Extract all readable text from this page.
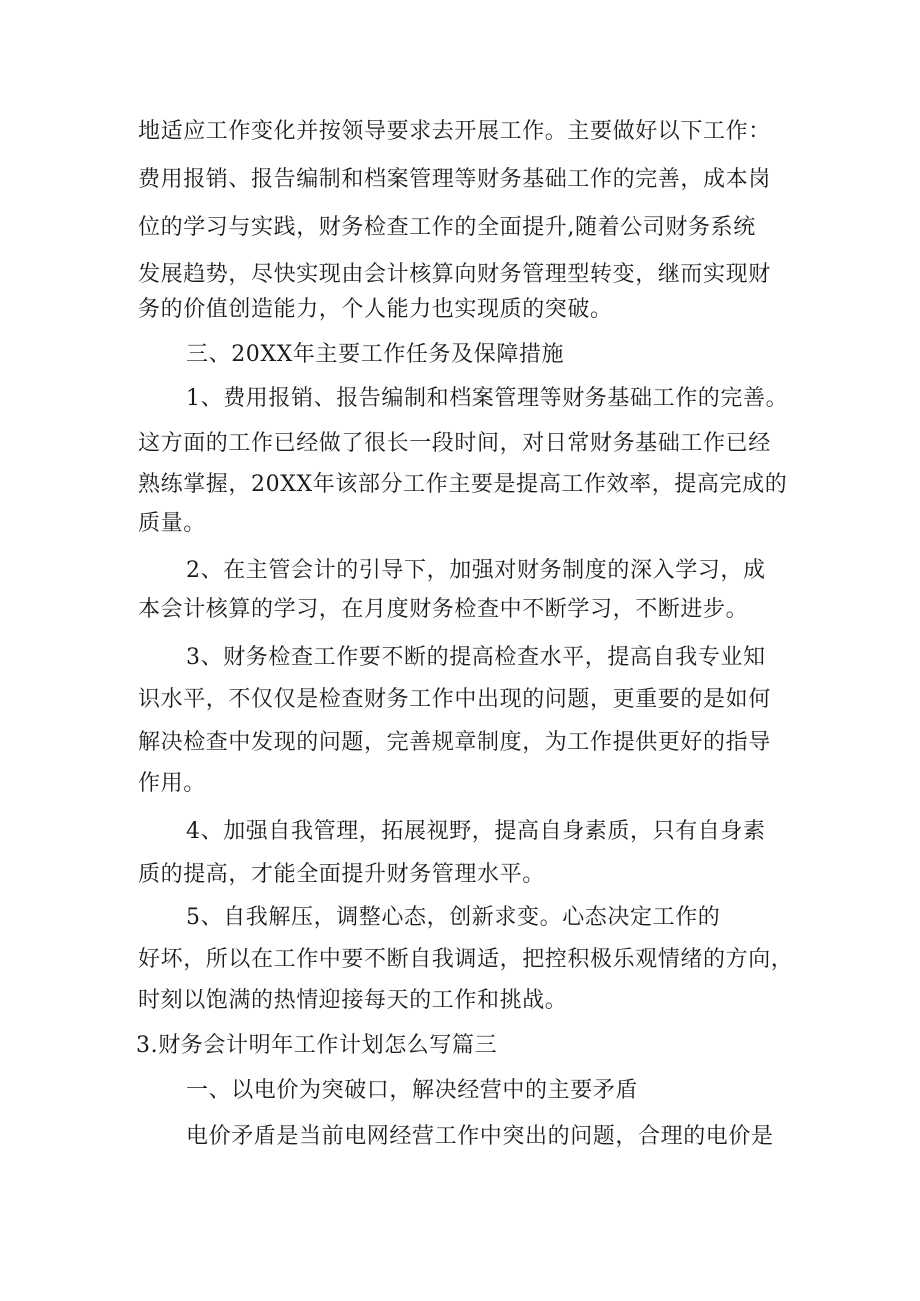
地适应工作变化并按领导要求去开展工作。主要做好以下工作：
费用报销、报告编制和档案管理等财务基础工作的完善，成本岗
位的学习与实践，财务检查工作的全面提升,随着公司财务系统
发展趋势，尽快实现由会计核算向财务管理型转变，继而实现财
务的价值创造能力，个人能力也实现质的突破。
三、20XX年主要工作任务及保障措施
1、费用报销、报告编制和档案管理等财务基础工作的完善。
这方面的工作已经做了很长一段时间，对日常财务基础工作已经
熟练掌握，20XX年该部分工作主要是提高工作效率，提高完成的
质量。
2、在主管会计的引导下，加强对财务制度的深入学习，成
本会计核算的学习，在月度财务检查中不断学习，不断进步。
3、财务检查工作要不断的提高检查水平，提高自我专业知
识水平，不仅仅是检查财务工作中出现的问题，更重要的是如何
解决检查中发现的问题，完善规章制度，为工作提供更好的指导
作用。
4、加强自我管理，拓展视野，提高自身素质，只有自身素
质的提高，才能全面提升财务管理水平。
5、自我解压，调整心态，创新求变。心态决定工作的
好坏，所以在工作中要不断自我调适，把控积极乐观情绪的方向，
时刻以饱满的热情迎接每天的工作和挑战。
3.财务会计明年工作计划怎么写篇三
一、以电价为突破口，解决经营中的主要矛盾
电价矛盾是当前电网经营工作中突出的问题，合理的电价是
